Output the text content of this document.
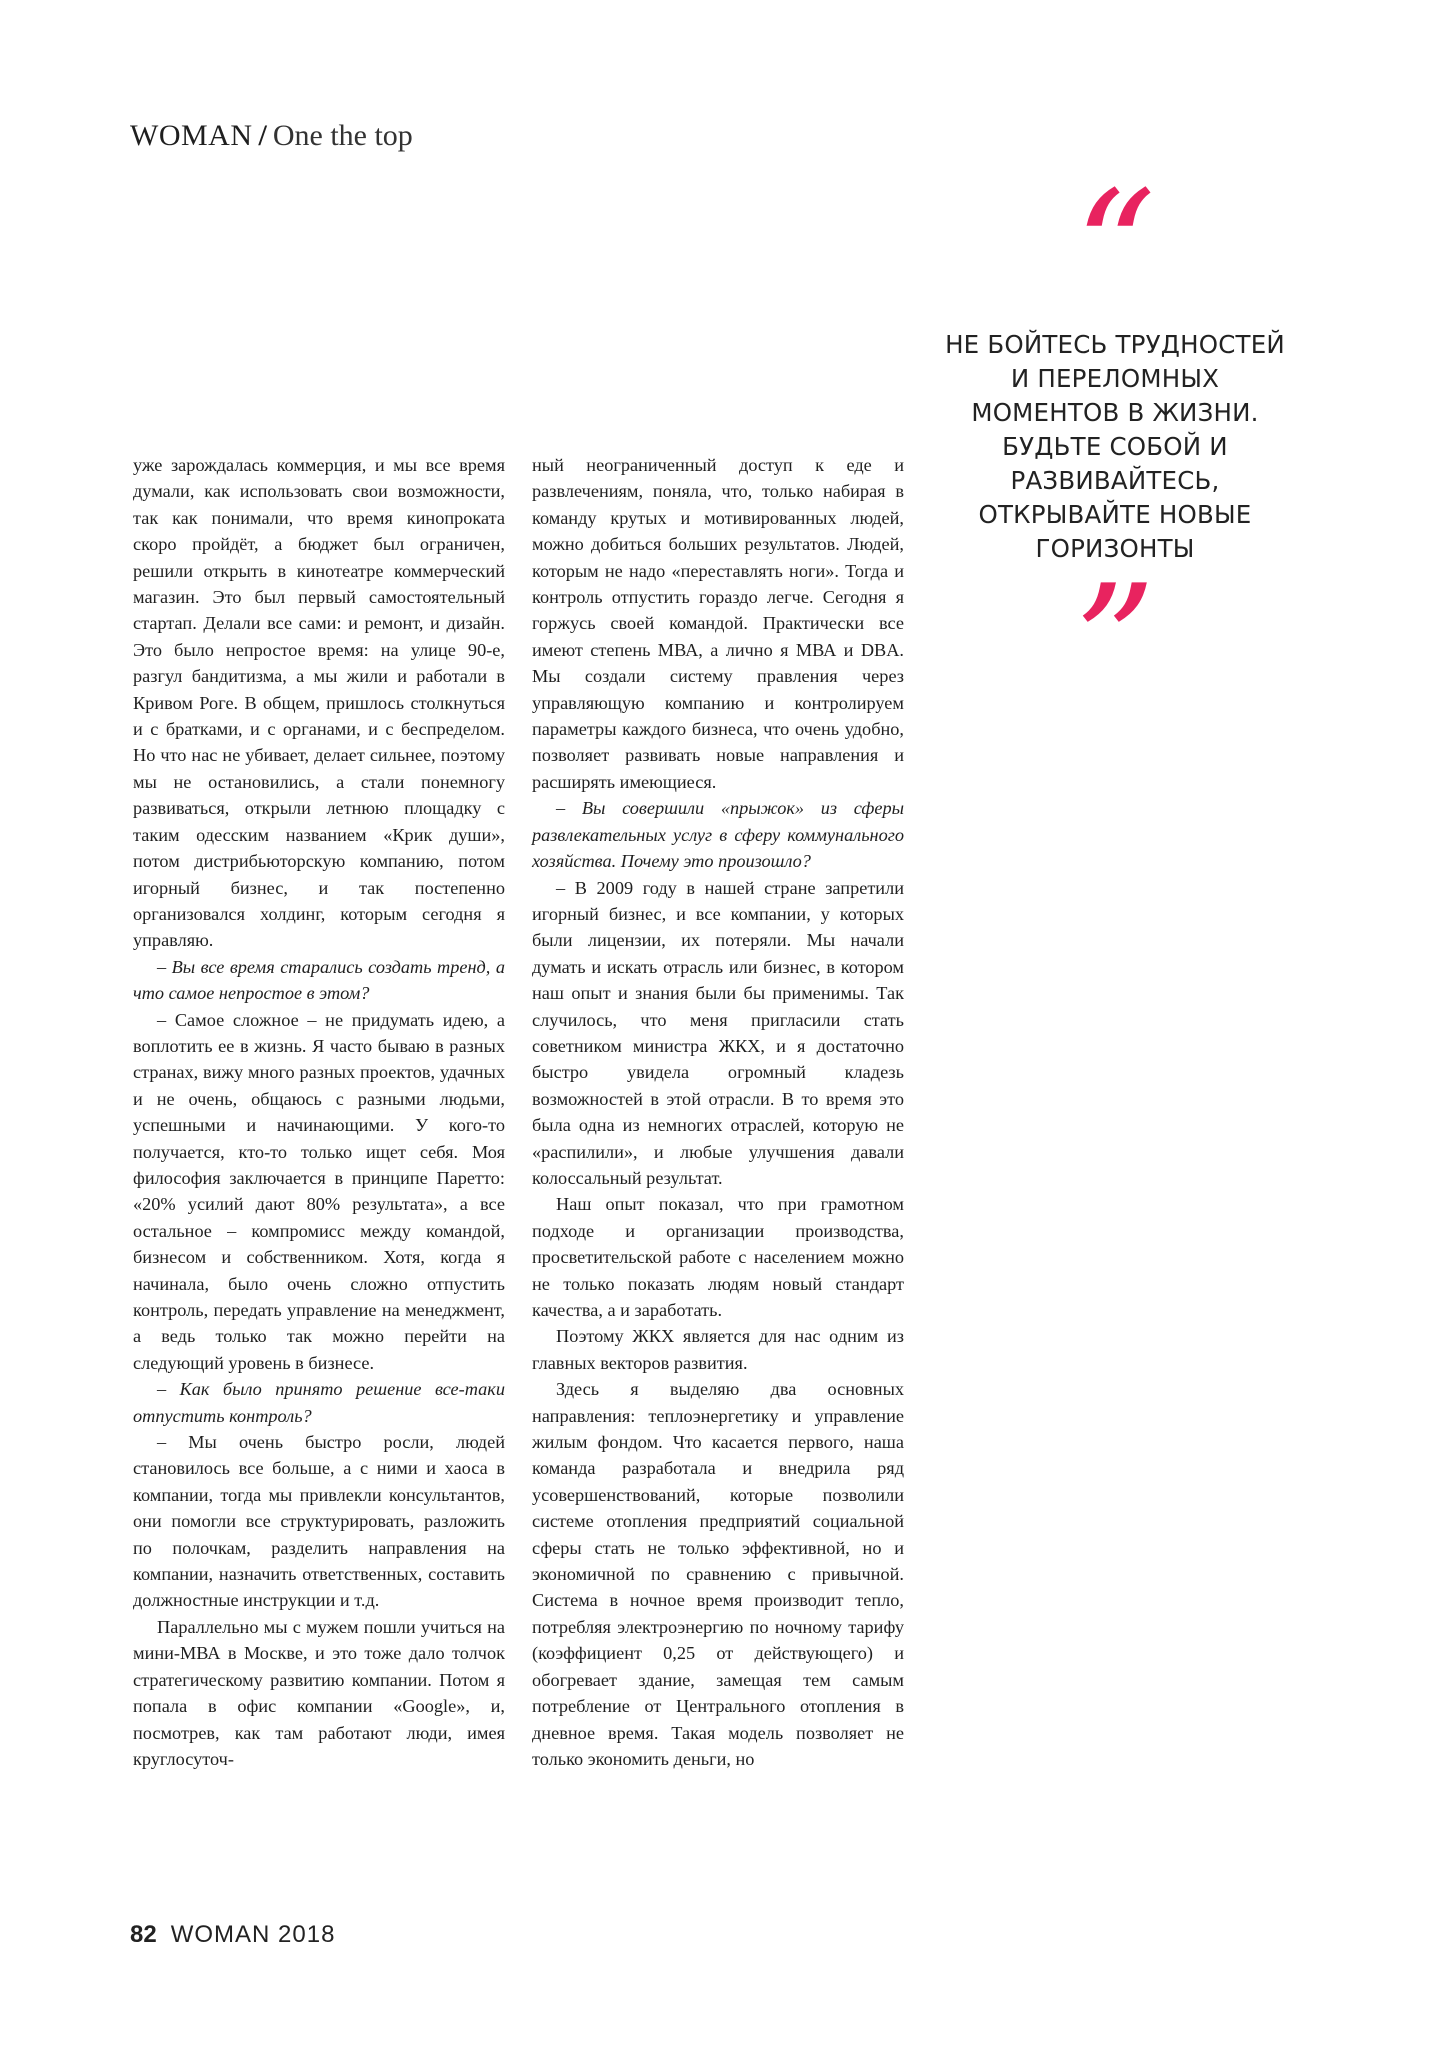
WOMAN / One the top
“
НЕ БОЙТЕСЬ ТРУДНОСТЕЙ И ПЕРЕЛОМНЫХ МОМЕНТОВ В ЖИЗНИ. БУДЬТЕ СОБОЙ И РАЗВИВАЙТЕСЬ, ОТКРЫВАЙТЕ НОВЫЕ ГОРИЗОНТЫ
”

уже зарождалась коммерция, и мы все время думали, как использовать свои возможности, так как понимали, что время кинопроката скоро пройдёт, а бюджет был ограничен, решили открыть в кинотеатре коммерческий магазин. Это был первый самостоятельный стартап. Делали все сами: и ремонт, и дизайн. Это было непростое время: на улице 90-е, разгул бандитизма, а мы жили и работали в Кривом Роге. В общем, пришлось столкнуться и с братками, и с органами, и с беспределом. Но что нас не убивает, делает сильнее, поэтому мы не остановились, а стали понемногу развиваться, открыли летнюю площадку с таким одесским названием «Крик души», потом дистрибьюторскую компанию, потом игорный бизнес, и так постепенно организовался холдинг, которым сегодня я управляю.

– Вы все время старались создать тренд, а что самое непростое в этом?

– Самое сложное – не придумать идею, а воплотить ее в жизнь. Я часто бываю в разных странах, вижу много разных проектов, удачных и не очень, общаюсь с разными людьми, успешными и начинающими. У кого-то получается, кто-то только ищет себя. Моя философия заключается в принципе Паретто: «20% усилий дают 80% результата», а все остальное – компромисс между командой, бизнесом и собственником. Хотя, когда я начинала, было очень сложно отпустить контроль, передать управление на менеджмент, а ведь только так можно перейти на следующий уровень в бизнесе.

– Как было принято решение все-таки отпустить контроль?

– Мы очень быстро росли, людей становилось все больше, а с ними и хаоса в компании, тогда мы привлекли консультантов, они помогли все структурировать, разложить по полочкам, разделить направления на компании, назначить ответственных, составить должностные инструкции и т.д.

Параллельно мы с мужем пошли учиться на мини-МВА в Москве, и это тоже дало толчок стратегическому развитию компании. Потом я попала в офис компании «Google», и, посмотрев, как там работают люди, имея круглосуточ-

ный неограниченный доступ к еде и развлечениям, поняла, что, только набирая в команду крутых и мотивированных людей, можно добиться больших результатов. Людей, которым не надо «переставлять ноги». Тогда и контроль отпустить гораздо легче. Сегодня я горжусь своей командой. Практически все имеют степень МВА, а лично я МВА и DBA. Мы создали систему правления через управляющую компанию и контролируем параметры каждого бизнеса, что очень удобно, позволяет развивать новые направления и расширять имеющиеся.

– Вы совершили «прыжок» из сферы развлекательных услуг в сферу коммунального хозяйства. Почему это произошло?

– В 2009 году в нашей стране запретили игорный бизнес, и все компании, у которых были лицензии, их потеряли. Мы начали думать и искать отрасль или бизнес, в котором наш опыт и знания были бы применимы. Так случилось, что меня пригласили стать советником министра ЖКХ, и я достаточно быстро увидела огромный кладезь возможностей в этой отрасли. В то время это была одна из немногих отраслей, которую не «распилили», и любые улучшения давали колоссальный результат.

Наш опыт показал, что при грамотном подходе и организации производства, просветительской работе с населением можно не только показать людям новый стандарт качества, а и заработать.

Поэтому ЖКХ является для нас одним из главных векторов развития.

Здесь я выделяю два основных направления: теплоэнергетику и управление жилым фондом. Что касается первого, наша команда разработала и внедрила ряд усовершенствований, которые позволили системе отопления предприятий социальной сферы стать не только эффективной, но и экономичной по сравнению с привычной. Система в ночное время производит тепло, потребляя электроэнергию по ночному тарифу (коэффициент 0,25 от действующего) и обогревает здание, замещая тем самым потребление от Центрального отопления в дневное время. Такая модель позволяет не только экономить деньги, но

82 WOMAN 2018
